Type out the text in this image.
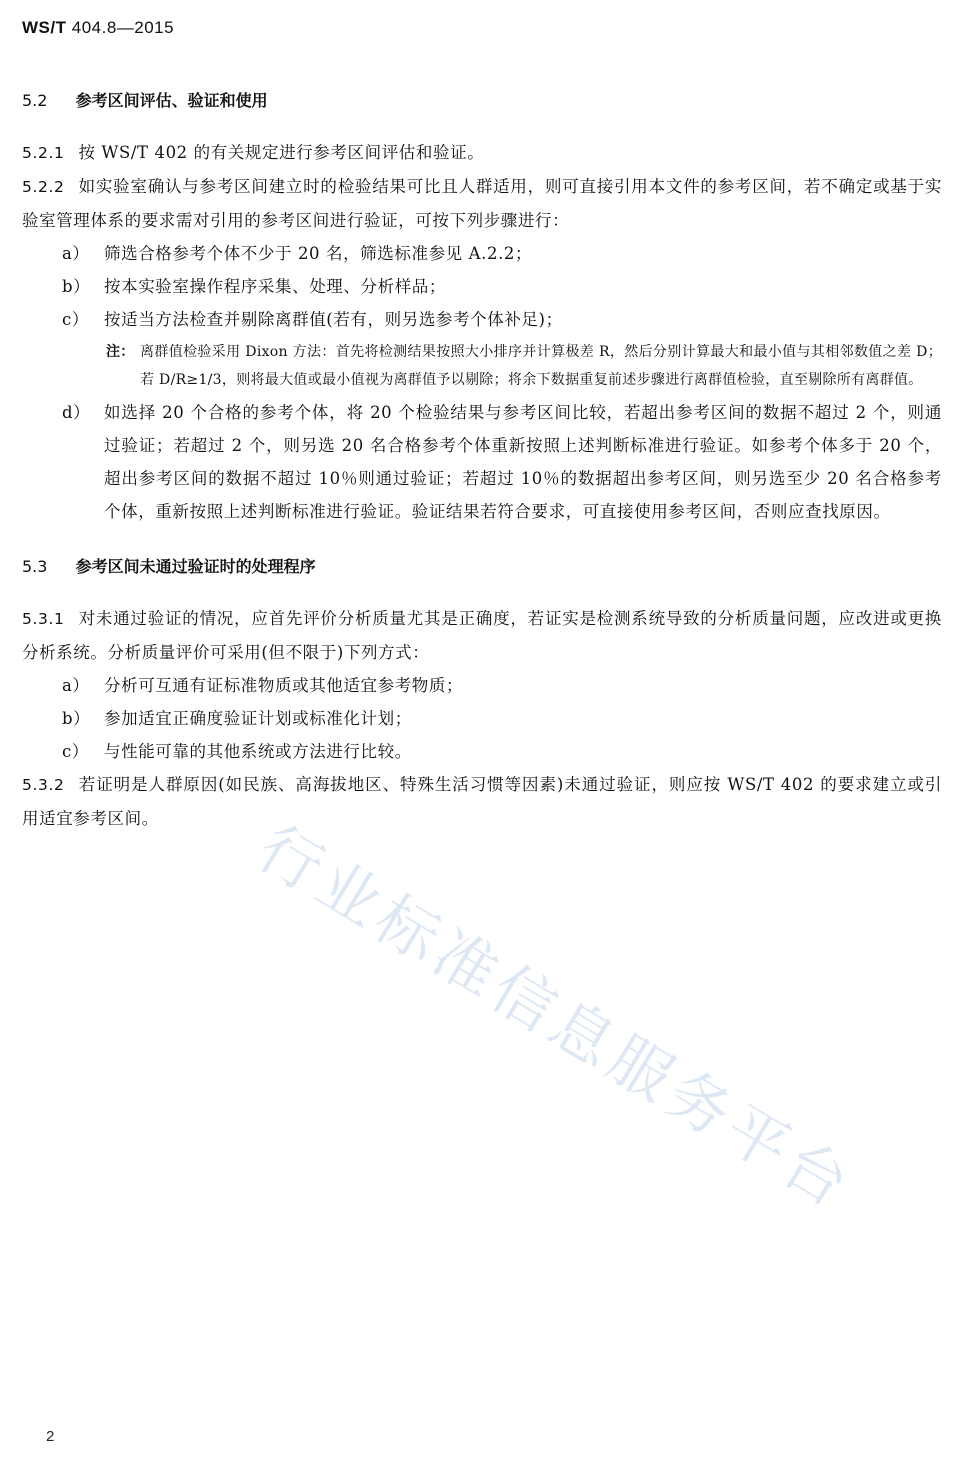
WS/T 404.8—2015
行业标准信息服务平台
5.2 参考区间评估、验证和使用

5.2.1 按 WS/T 402 的有关规定进行参考区间评估和验证。

5.2.2 如实验室确认与参考区间建立时的检验结果可比且人群适用，则可直接引用本文件的参考区间，若不确定或基于实验室管理体系的要求需对引用的参考区间进行验证，可按下列步骤进行：

a） 筛选合格参考个体不少于 20 名，筛选标准参见 A.2.2；
b） 按本实验室操作程序采集、处理、分析样品；
c） 按适当方法检查并剔除离群值(若有，则另选参考个体补足)；
注： 离群值检验采用 Dixon 方法：首先将检测结果按照大小排序并计算极差 R，然后分别计算最大和最小值与其相邻数值之差 D；若 D/R≥1/3，则将最大值或最小值视为离群值予以剔除；将余下数据重复前述步骤进行离群值检验，直至剔除所有离群值。
d） 如选择 20 个合格的参考个体，将 20 个检验结果与参考区间比较，若超出参考区间的数据不超过 2 个，则通过验证；若超过 2 个，则另选 20 名合格参考个体重新按照上述判断标准进行验证。如参考个体多于 20 个，超出参考区间的数据不超过 10％则通过验证；若超过 10％的数据超出参考区间，则另选至少 20 名合格参考个体，重新按照上述判断标准进行验证。验证结果若符合要求，可直接使用参考区间，否则应查找原因。
5.3 参考区间未通过验证时的处理程序

5.3.1 对未通过验证的情况，应首先评价分析质量尤其是正确度，若证实是检测系统导致的分析质量问题，应改进或更换分析系统。分析质量评价可采用(但不限于)下列方式：

a） 分析可互通有证标准物质或其他适宜参考物质；
b） 参加适宜正确度验证计划或标准化计划；
c） 与性能可靠的其他系统或方法进行比较。

5.3.2 若证明是人群原因(如民族、高海拔地区、特殊生活习惯等因素)未通过验证，则应按 WS/T 402 的要求建立或引用适宜参考区间。

2
